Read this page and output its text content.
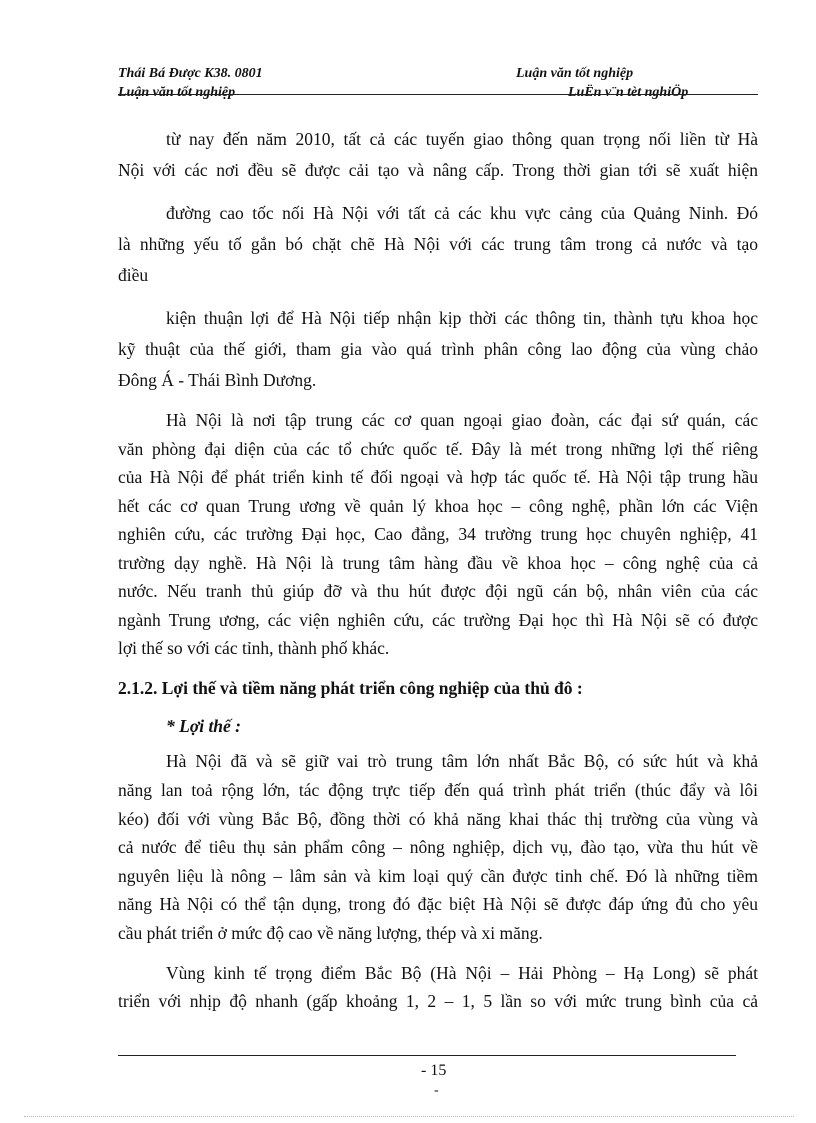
Thái Bá Được K38. 0801	Luận văn tốt nghiệp
Luận văn tốt nghiệp	LuËn v¨n tèt nghiÖp
từ nay đến năm 2010, tất cả các tuyến giao thông quan trọng nối liền từ Hà
Nội với các nơi đều sẽ được cải tạo và nâng cấp. Trong thời gian tới sẽ xuất hiện
đường cao tốc nối Hà Nội với tất cả các khu vực cảng của Quảng Ninh. Đó
là những yếu tố gắn bó chặt chẽ Hà Nội với các trung tâm trong cả nước và tạo
điều
kiện thuận lợi để Hà Nội tiếp nhận kịp thời các thông tin, thành tựu khoa học
kỹ thuật của thế giới, tham gia vào quá trình phân công lao động của vùng chảo
Đông Á - Thái Bình Dương.
Hà Nội là nơi tập trung các cơ quan ngoại giao đoàn, các đại sứ quán, các
văn phòng đại diện của các tổ chức quốc tế. Đây là mét trong những lợi thế riêng
của Hà Nội để phát triển kinh tế đối ngoại và hợp tác quốc tế. Hà Nội tập trung hầu
hết các cơ quan Trung ương về quản lý khoa học – công nghệ, phần lớn các Viện
nghiên cứu, các trường Đại học, Cao đẳng, 34 trường trung học chuyên nghiệp, 41
trường dạy nghề. Hà Nội là trung tâm hàng đầu về khoa học – công nghệ của cả
nước. Nếu tranh thủ giúp đỡ và thu hút được đội ngũ cán bộ, nhân viên của các
ngành Trung ương, các viện nghiên cứu, các trường Đại học thì Hà Nội sẽ có được
lợi thế so với các tỉnh, thành phố khác.
2.1.2. Lợi thế và tiềm năng phát triển công nghiệp của thủ đô :
* Lợi thế :
Hà Nội đã và sẽ giữ vai trò trung tâm lớn nhất Bắc Bộ, có sức hút và khả
năng lan toả rộng lớn, tác động trực tiếp đến quá trình phát triển (thúc đẩy và lôi
kéo) đối với vùng Bắc Bộ, đồng thời có khả năng khai thác thị trường của vùng và
cả nước để tiêu thụ sản phẩm công – nông nghiệp, dịch vụ, đào tạo, vừa thu hút về
nguyên liệu là nông – lâm sản và kim loại quý cần được tinh chế. Đó là những tiềm
năng Hà Nội có thể tận dụng, trong đó đặc biệt Hà Nội sẽ được đáp ứng đủ cho yêu
cầu phát triển ở mức độ cao về năng lượng, thép và xi măng.
Vùng kinh tế trọng điểm Bắc Bộ (Hà Nội – Hải Phòng – Hạ Long) sẽ phát
triển với nhịp độ nhanh (gấp khoảng 1, 2 – 1, 5 lần so với mức trung bình của cả
- 15
-
